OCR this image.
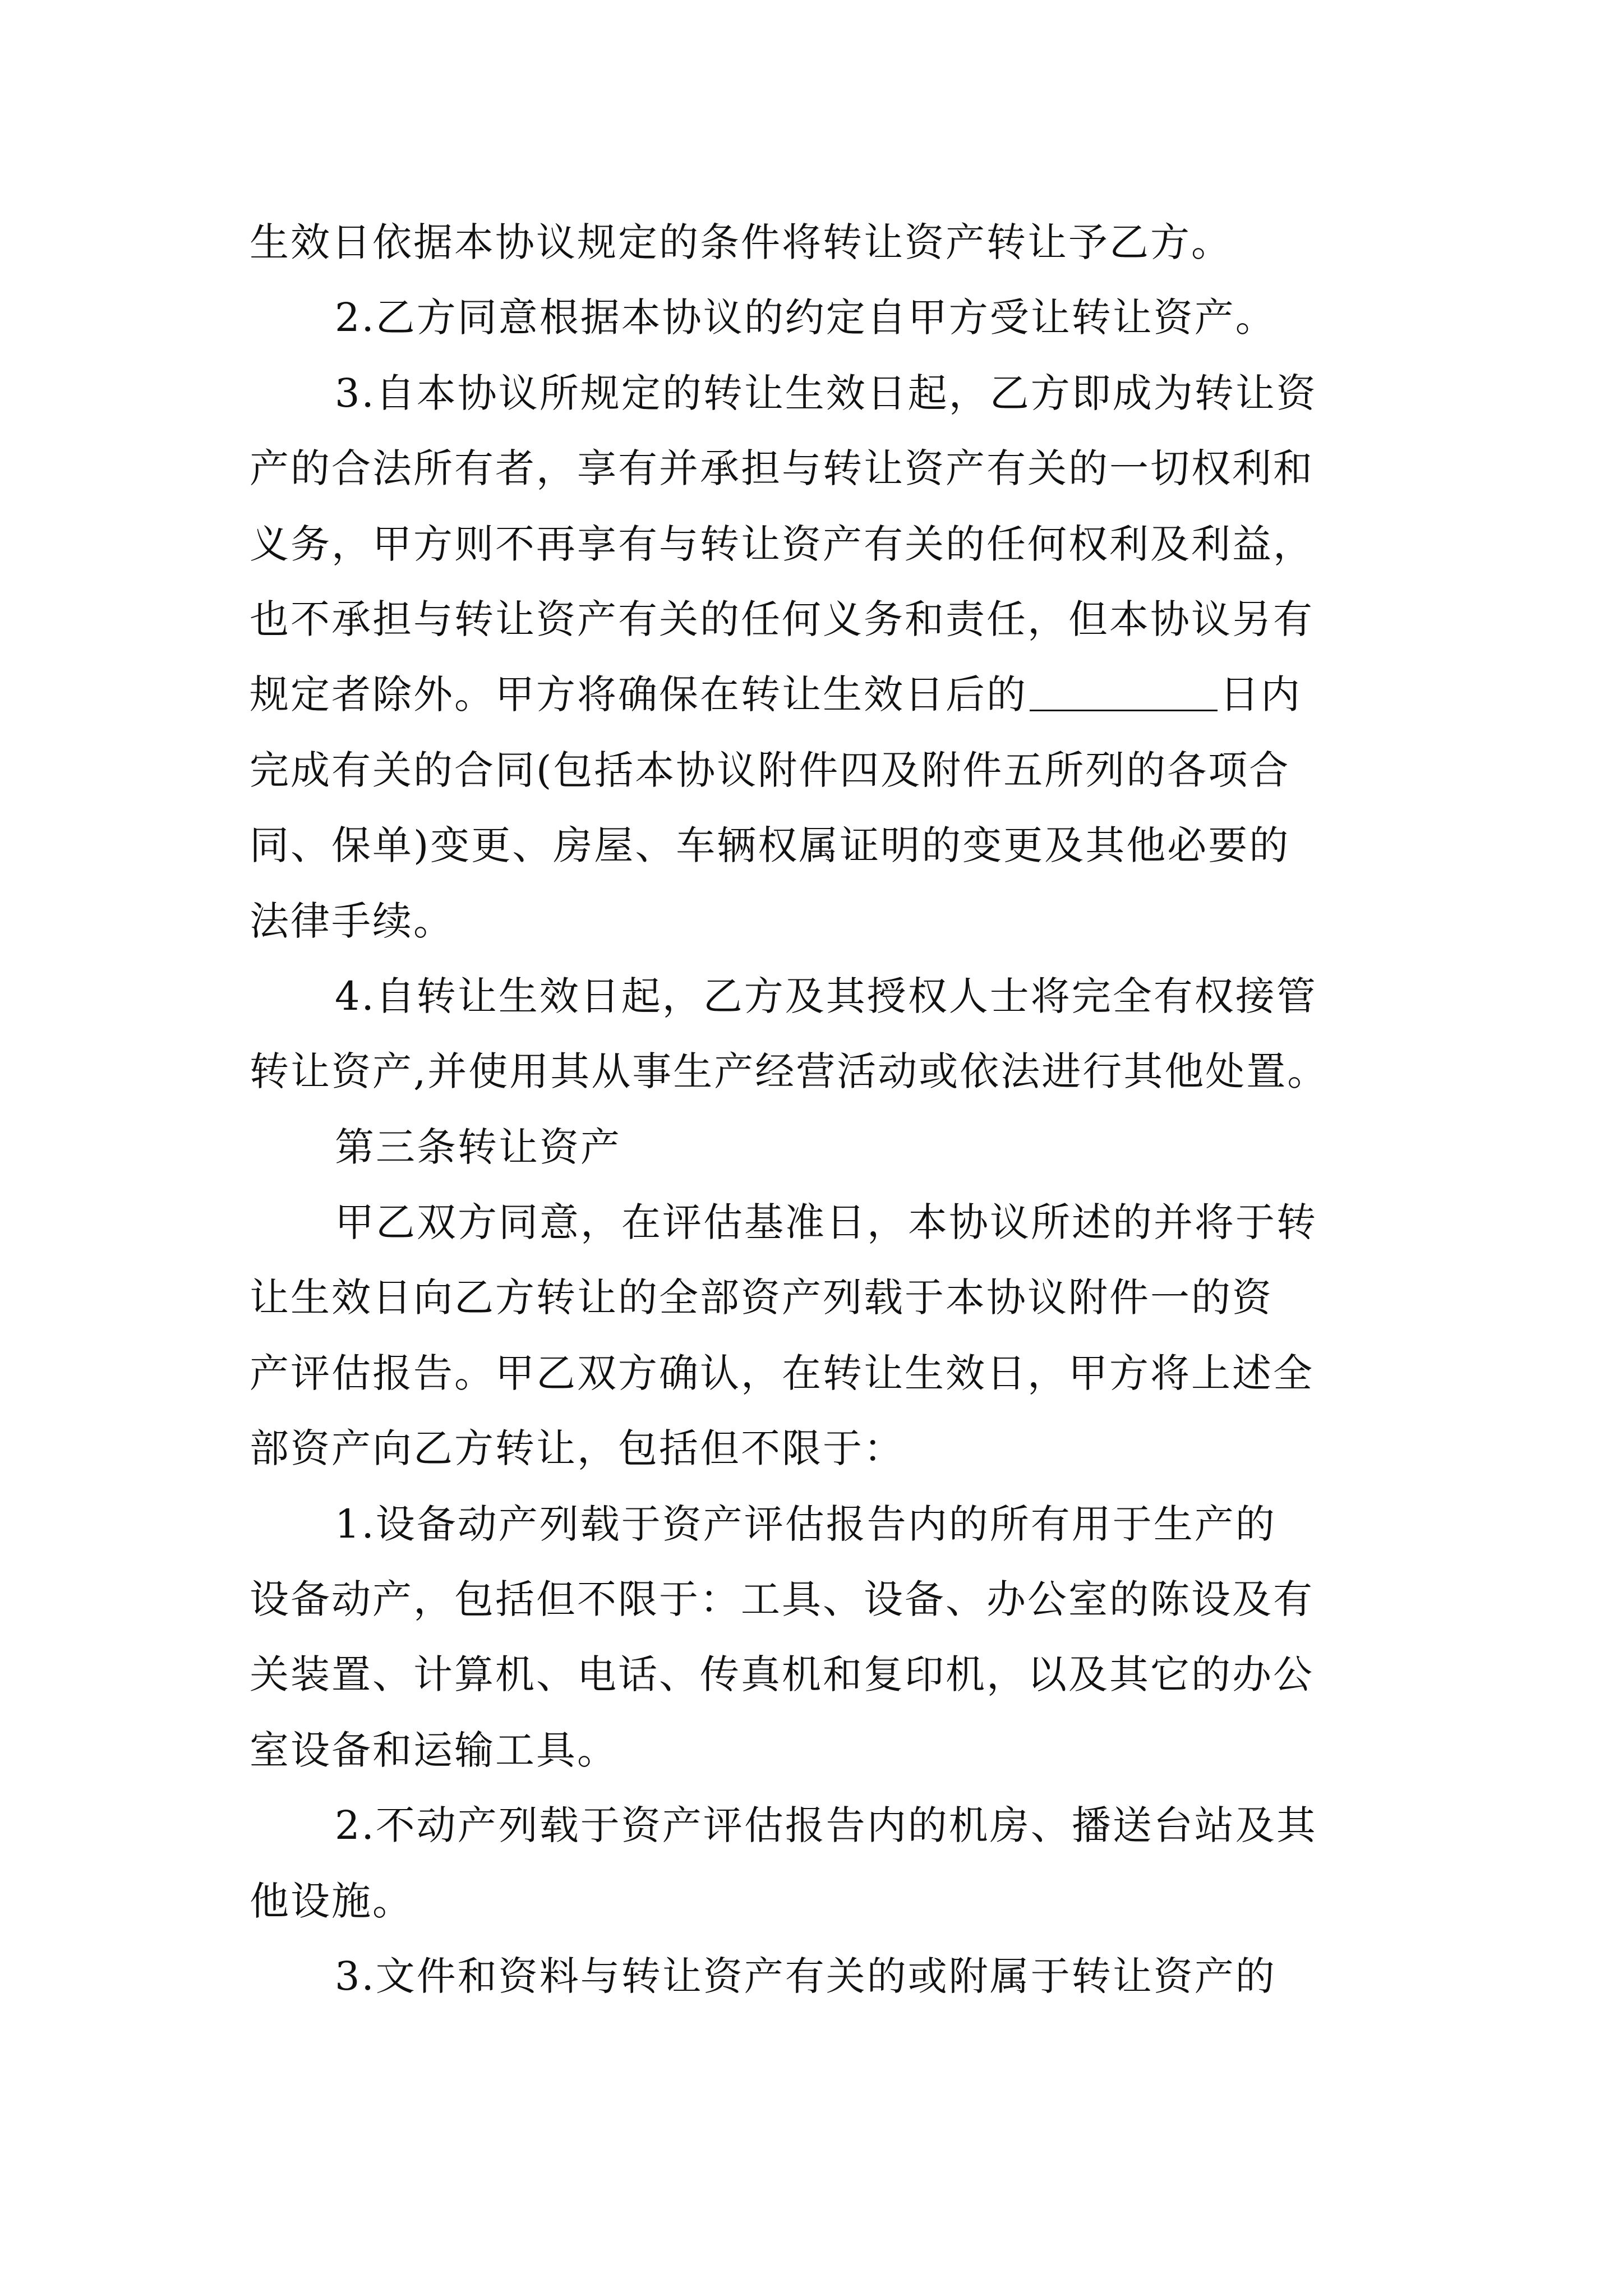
生效日依据本协议规定的条件将转让资产转让予乙方。
2.乙方同意根据本协议的约定自甲方受让转让资产。
3.自本协议所规定的转让生效日起，乙方即成为转让资
产的合法所有者，享有并承担与转让资产有关的一切权利和
义务，甲方则不再享有与转让资产有关的任何权利及利益，
也不承担与转让资产有关的任何义务和责任，但本协议另有
规定者除外。甲方将确保在转让生效日后的	日内
完成有关的合同(包括本协议附件四及附件五所列的各项合
同、保单)变更、房屋、车辆权属证明的变更及其他必要的
法律手续。
4.自转让生效日起，乙方及其授权人士将完全有权接管
转让资产,并使用其从事生产经营活动或依法进行其他处置。
第三条转让资产
甲乙双方同意，在评估基准日，本协议所述的并将于转
让生效日向乙方转让的全部资产列载于本协议附件一的资
产评估报告。甲乙双方确认，在转让生效日，甲方将上述全
部资产向乙方转让，包括但不限于：
1.设备动产列载于资产评估报告内的所有用于生产的
设备动产，包括但不限于：工具、设备、办公室的陈设及有
关装置、计算机、电话、传真机和复印机，以及其它的办公
室设备和运输工具。
2.不动产列载于资产评估报告内的机房、播送台站及其
他设施。
3.文件和资料与转让资产有关的或附属于转让资产的
